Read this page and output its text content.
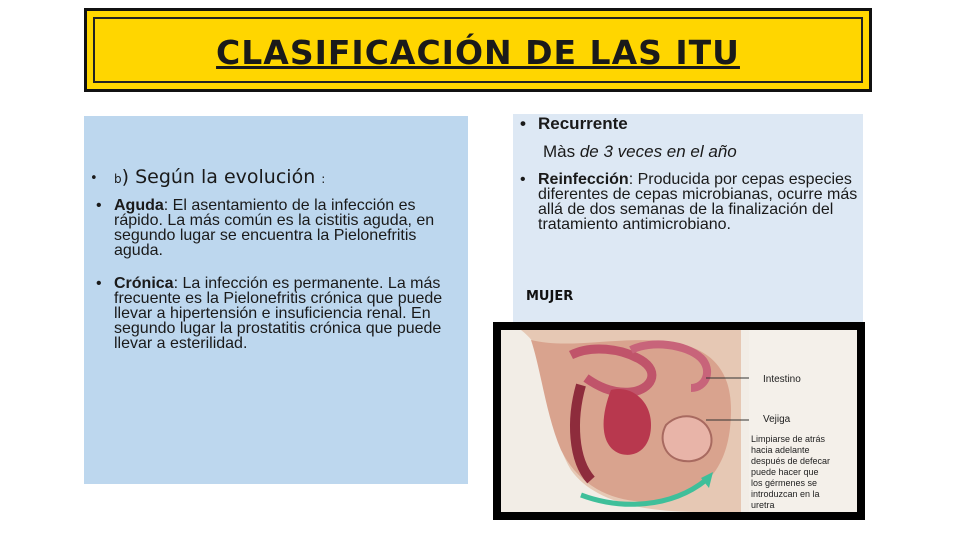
CLASIFICACIÓN DE LAS ITU
• b) Según la evolución :
• Aguda: El asentamiento de la infección es rápido. La más común es la cistitis aguda, en segundo lugar se encuentra la Pielonefritis aguda.
• Crónica: La infección es permanente. La más frecuente es la Pielonefritis crónica que puede llevar a hipertensión e insuficiencia renal. En segundo lugar la prostatitis crónica que puede llevar a esterilidad.
• Recurrente
Màs de 3 veces en el año
• Reinfección: Producida por cepas especies diferentes de cepas microbianas, ocurre más allá de dos semanas de la finalización del tratamiento antimicrobiano.
MUJER
Intestino
Vejiga
Limpiarse de atrás
hacia adelante
después de defecar
puede hacer que
los gérmenes se
introduzcan en la
uretra
